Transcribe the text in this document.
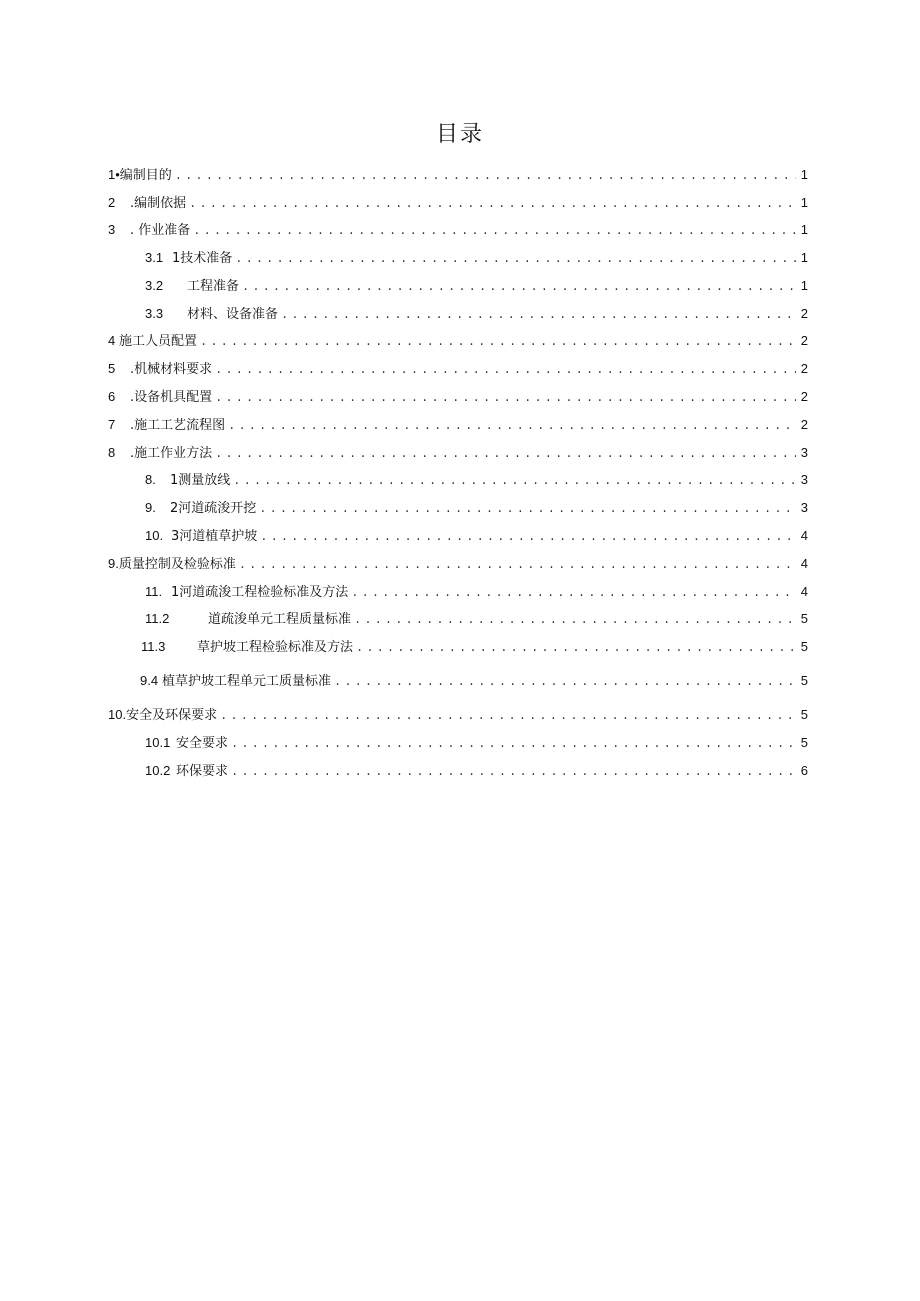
目录
1• 编制目的 .....	1
2	.编制依据 .....	1
3	. 作业准备 .....	1
3.1 1技术准备 .....	1
3.2	工程准备 .....	1
3.3	材料、设备准备 .....	2
4 施工人员配置 .....	2
5	.机械材料要求 .....	2
6	.设备机具配置 .....	2
7	.施工工艺流程图 .....	2
8	.施工作业方法 .....	3
8.	1测量放线 .....	3
9.	2河道疏浚开挖 .....	3
10. 3河道植草护坡 .....	4
9. 质量控制及检验标准 .....	4
11. 1河道疏浚工程检验标准及方法 .....	4
11.2	道疏浚单元工程质量标准 .....	5
11.3	草护坡工程检验标准及方法 .....	5
9.4 植草护坡工程单元工质量标准 .....	5
10. 安全及环保要求 .....	5
10.1 安全要求 .....	5
10.2 环保要求 .....	6
